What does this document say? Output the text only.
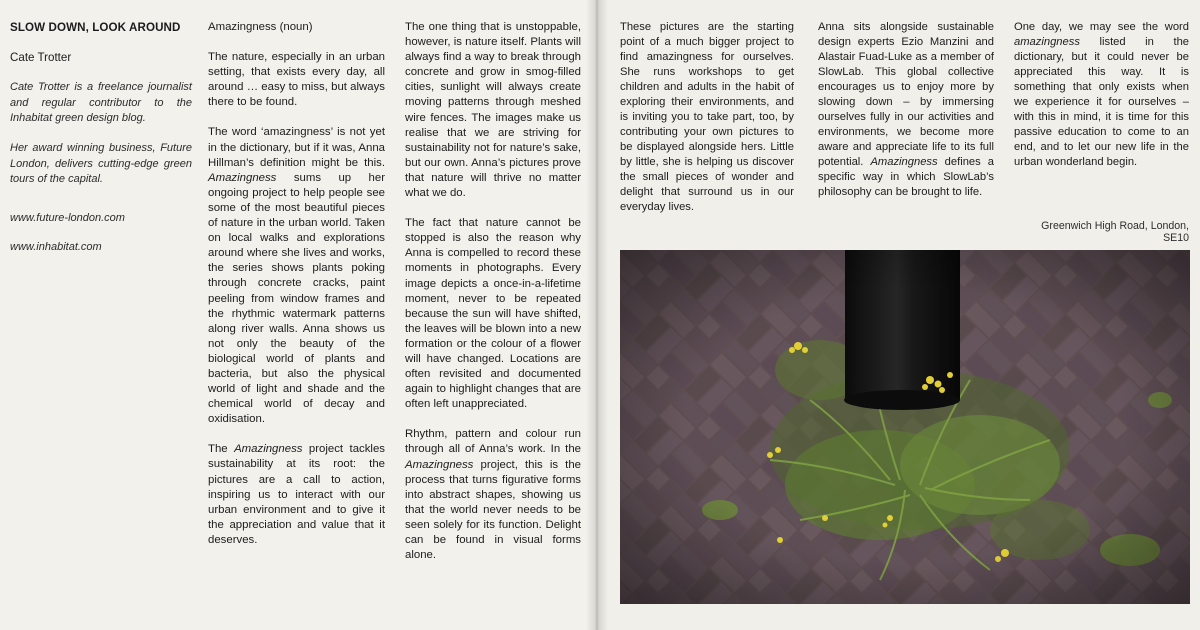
SLOW DOWN, LOOK AROUND

Cate Trotter

Cate Trotter is a freelance journalist and regular contributor to the Inhabitat green design blog.

Her award winning business, Future London, delivers cutting-edge green tours of the capital.

www.future-london.com

www.inhabitat.com

Amazingness (noun)

The nature, especially in an urban setting, that exists every day, all around … easy to miss, but always there to be found.

The word ‘amazingness’ is not yet in the dictionary, but if it was, Anna Hillman’s definition might be this. Amazingness sums up her ongoing project to help people see some of the most beautiful pieces of nature in the urban world. Taken on local walks and explorations around where she lives and works, the series shows plants poking through concrete cracks, paint peeling from window frames and the rhythmic watermark patterns along river walls. Anna shows us not only the beauty of the biological world of plants and bacteria, but also the physical world of light and shade and the chemical world of decay and oxidisation.

The Amazingness project tackles sustainability at its root: the pictures are a call to action, inspiring us to interact with our urban environment and to give it the appreciation and value that it deserves.

The one thing that is unstoppable, however, is nature itself. Plants will always find a way to break through concrete and grow in smog-filled cities, sunlight will always create moving patterns through meshed wire fences. The images make us realise that we are striving for sustainability not for nature’s sake, but our own. Anna’s pictures prove that nature will thrive no matter what we do.

The fact that nature cannot be stopped is also the reason why Anna is compelled to record these moments in photographs. Every image depicts a once-in-a-lifetime moment, never to be repeated because the sun will have shifted, the leaves will be blown into a new formation or the colour of a flower will have changed. Locations are often revisited and documented again to highlight changes that are often left unappreciated.

Rhythm, pattern and colour run through all of Anna’s work. In the Amazingness project, this is the process that turns figurative forms into abstract shapes, showing us that the world never needs to be seen solely for its function. Delight can be found in visual forms alone.

These pictures are the starting point of a much bigger project to find amazingness for ourselves. She runs workshops to get children and adults in the habit of exploring their environments, and is inviting you to take part, too, by contributing your own pictures to be displayed alongside hers. Little by little, she is helping us discover the small pieces of wonder and delight that surround us in our everyday lives.

Anna sits alongside sustainable design experts Ezio Manzini and Alastair Fuad-Luke as a member of SlowLab. This global collective encourages us to enjoy more by slowing down – by immersing ourselves fully in our activities and environments, we become more aware and appreciate life to its full potential. Amazingness defines a specific way in which SlowLab’s philosophy can be brought to life.

One day, we may see the word amazingness listed in the dictionary, but it could never be appreciated this way. It is something that only exists when we experience it for ourselves – with this in mind, it is time for this passive education to come to an end, and to let our new life in the urban wonderland begin.

Greenwich High Road, London, SE10
